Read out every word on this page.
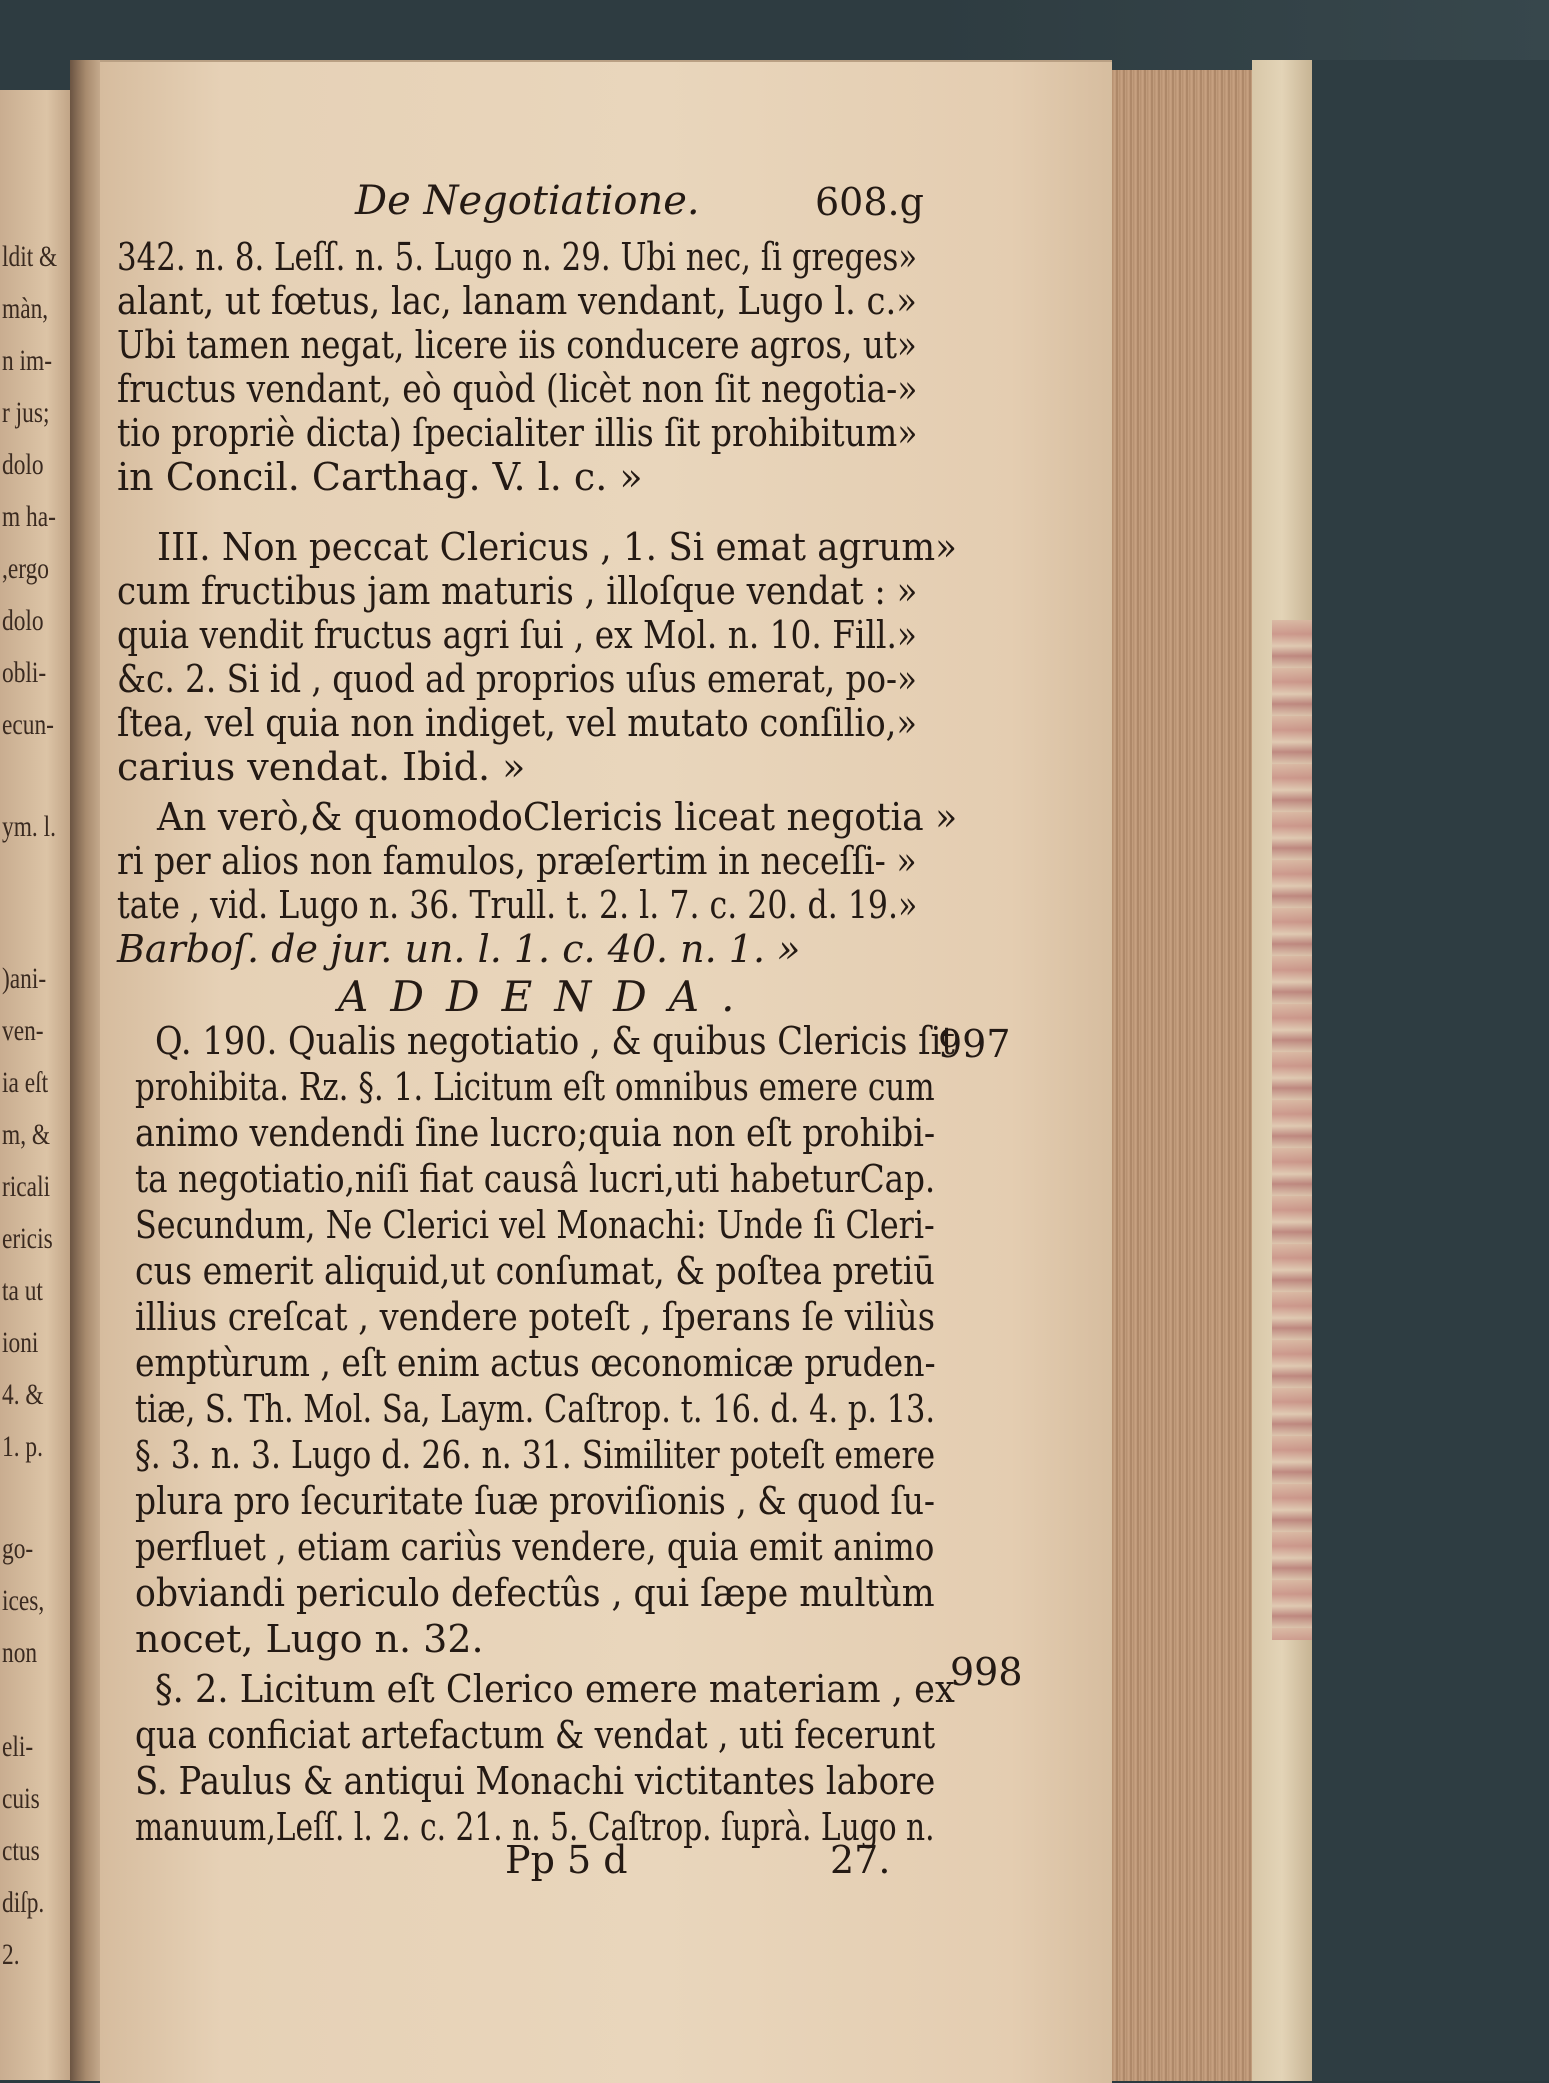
ldit &
màn,
n im-
r jus;
dolo
m ha-
,ergo
dolo
obli-
ecun-
ym. l.
)ani-
ven-
ia eſt
m, &
ricali
ericis
ta ut
ioni
4. &
1. p.
go-
ices,
non
eli-
cuis
ctus
diſp.
2.
De Negotiatione.	608.g
342. n. 8. Leſſ. n. 5. Lugo n. 29. Ubi nec, ſi greges»
alant, ut fœtus, lac, lanam vendant, Lugo l. c.»
Ubi tamen negat, licere iis conducere agros, ut»
fructus vendant, eò quòd (licèt non ſit negotia-»
tio propriè dicta) ſpecialiter illis ſit prohibitum»
in Concil. Carthag. V. l. c. »
III. Non peccat Clericus , 1. Si emat agrum»
cum fructibus jam maturis , illoſque vendat : »
quia vendit fructus agri ſui , ex Mol. n. 10. Fill.»
&c. 2. Si id , quod ad proprios uſus emerat, po-»
ſtea, vel quia non indiget, vel mutato conſilio,»
carius vendat. Ibid. »
An verò,& quomodoClericis liceat negotia »
ri per alios non famulos, præſertim in neceſſi- »
tate , vid. Lugo n. 36. Trull. t. 2. l. 7. c. 20. d. 19.»
Barboſ. de jur. un. l. 1. c. 40. n. 1. »
ADDENDA.
Q. 190. Qualis negotiatio , & quibus Clericis ſit
prohibita. Rz. §. 1. Licitum eſt omnibus emere cum
animo vendendi ſine lucro;quia non eſt prohibi-
ta negotiatio,niſi fiat causâ lucri,uti habeturCap.
Secundum, Ne Clerici vel Monachi: Unde ſi Cleri-
cus emerit aliquid,ut conſumat, & poſtea pretiū
illius creſcat , vendere poteſt , ſperans ſe viliùs
emptùrum , eſt enim actus œconomicæ pruden-
tiæ, S. Th. Mol. Sa, Laym. Caſtrop. t. 16. d. 4. p. 13.
§. 3. n. 3. Lugo d. 26. n. 31. Similiter poteſt emere
plura pro ſecuritate ſuæ proviſionis , & quod ſu-
perfluet , etiam cariùs vendere, quia emit animo
obviandi periculo defectûs , qui ſæpe multùm
nocet, Lugo n. 32.
§. 2. Licitum eſt Clerico emere materiam , ex
qua conficiat artefactum & vendat , uti fecerunt
S. Paulus & antiqui Monachi victitantes labore
manuum,Leſſ. l. 2. c. 21. n. 5. Caſtrop. ſuprà. Lugo n.
997
998
Pp 5 d	27.
